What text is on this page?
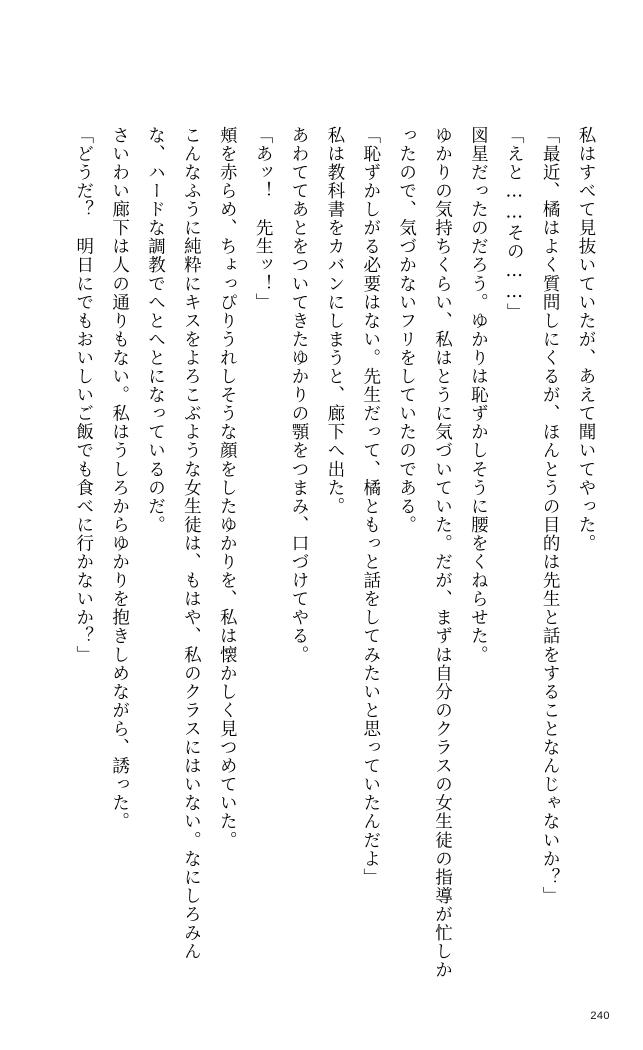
私はすべて見抜いていたが、あえて聞いてやった。

「最近、橘はよく質問しにくるが、ほんとうの目的は先生と話をすることなんじゃないか？」

「えと……その……」

図星だったのだろう。ゆかりは恥ずかしそうに腰をくねらせた。

ゆかりの気持ちくらい、私はとうに気づいていた。だが、まずは自分のクラスの女生徒の指導が忙しかったので、気づかないフリをしていたのである。

「恥ずかしがる必要はない。先生だって、橘ともっと話をしてみたいと思っていたんだよ」

私は教科書をカバンにしまうと、廊下へ出た。

あわててあとをついてきたゆかりの顎をつまみ、口づけてやる。

「あッ！　先生ッ！」

頬を赤らめ、ちょっぴりうれしそうな顔をしたゆかりを、私は懐かしく見つめていた。

こんなふうに純粋にキスをよろこぶような女生徒は、もはや、私のクラスにはいない。なにしろみんな、ハードな調教でへとへとになっているのだ。

さいわい廊下は人の通りもない。私はうしろからゆかりを抱きしめながら、誘った。

「どうだ？　明日にでもおいしいご飯でも食べに行かないか？」

240
